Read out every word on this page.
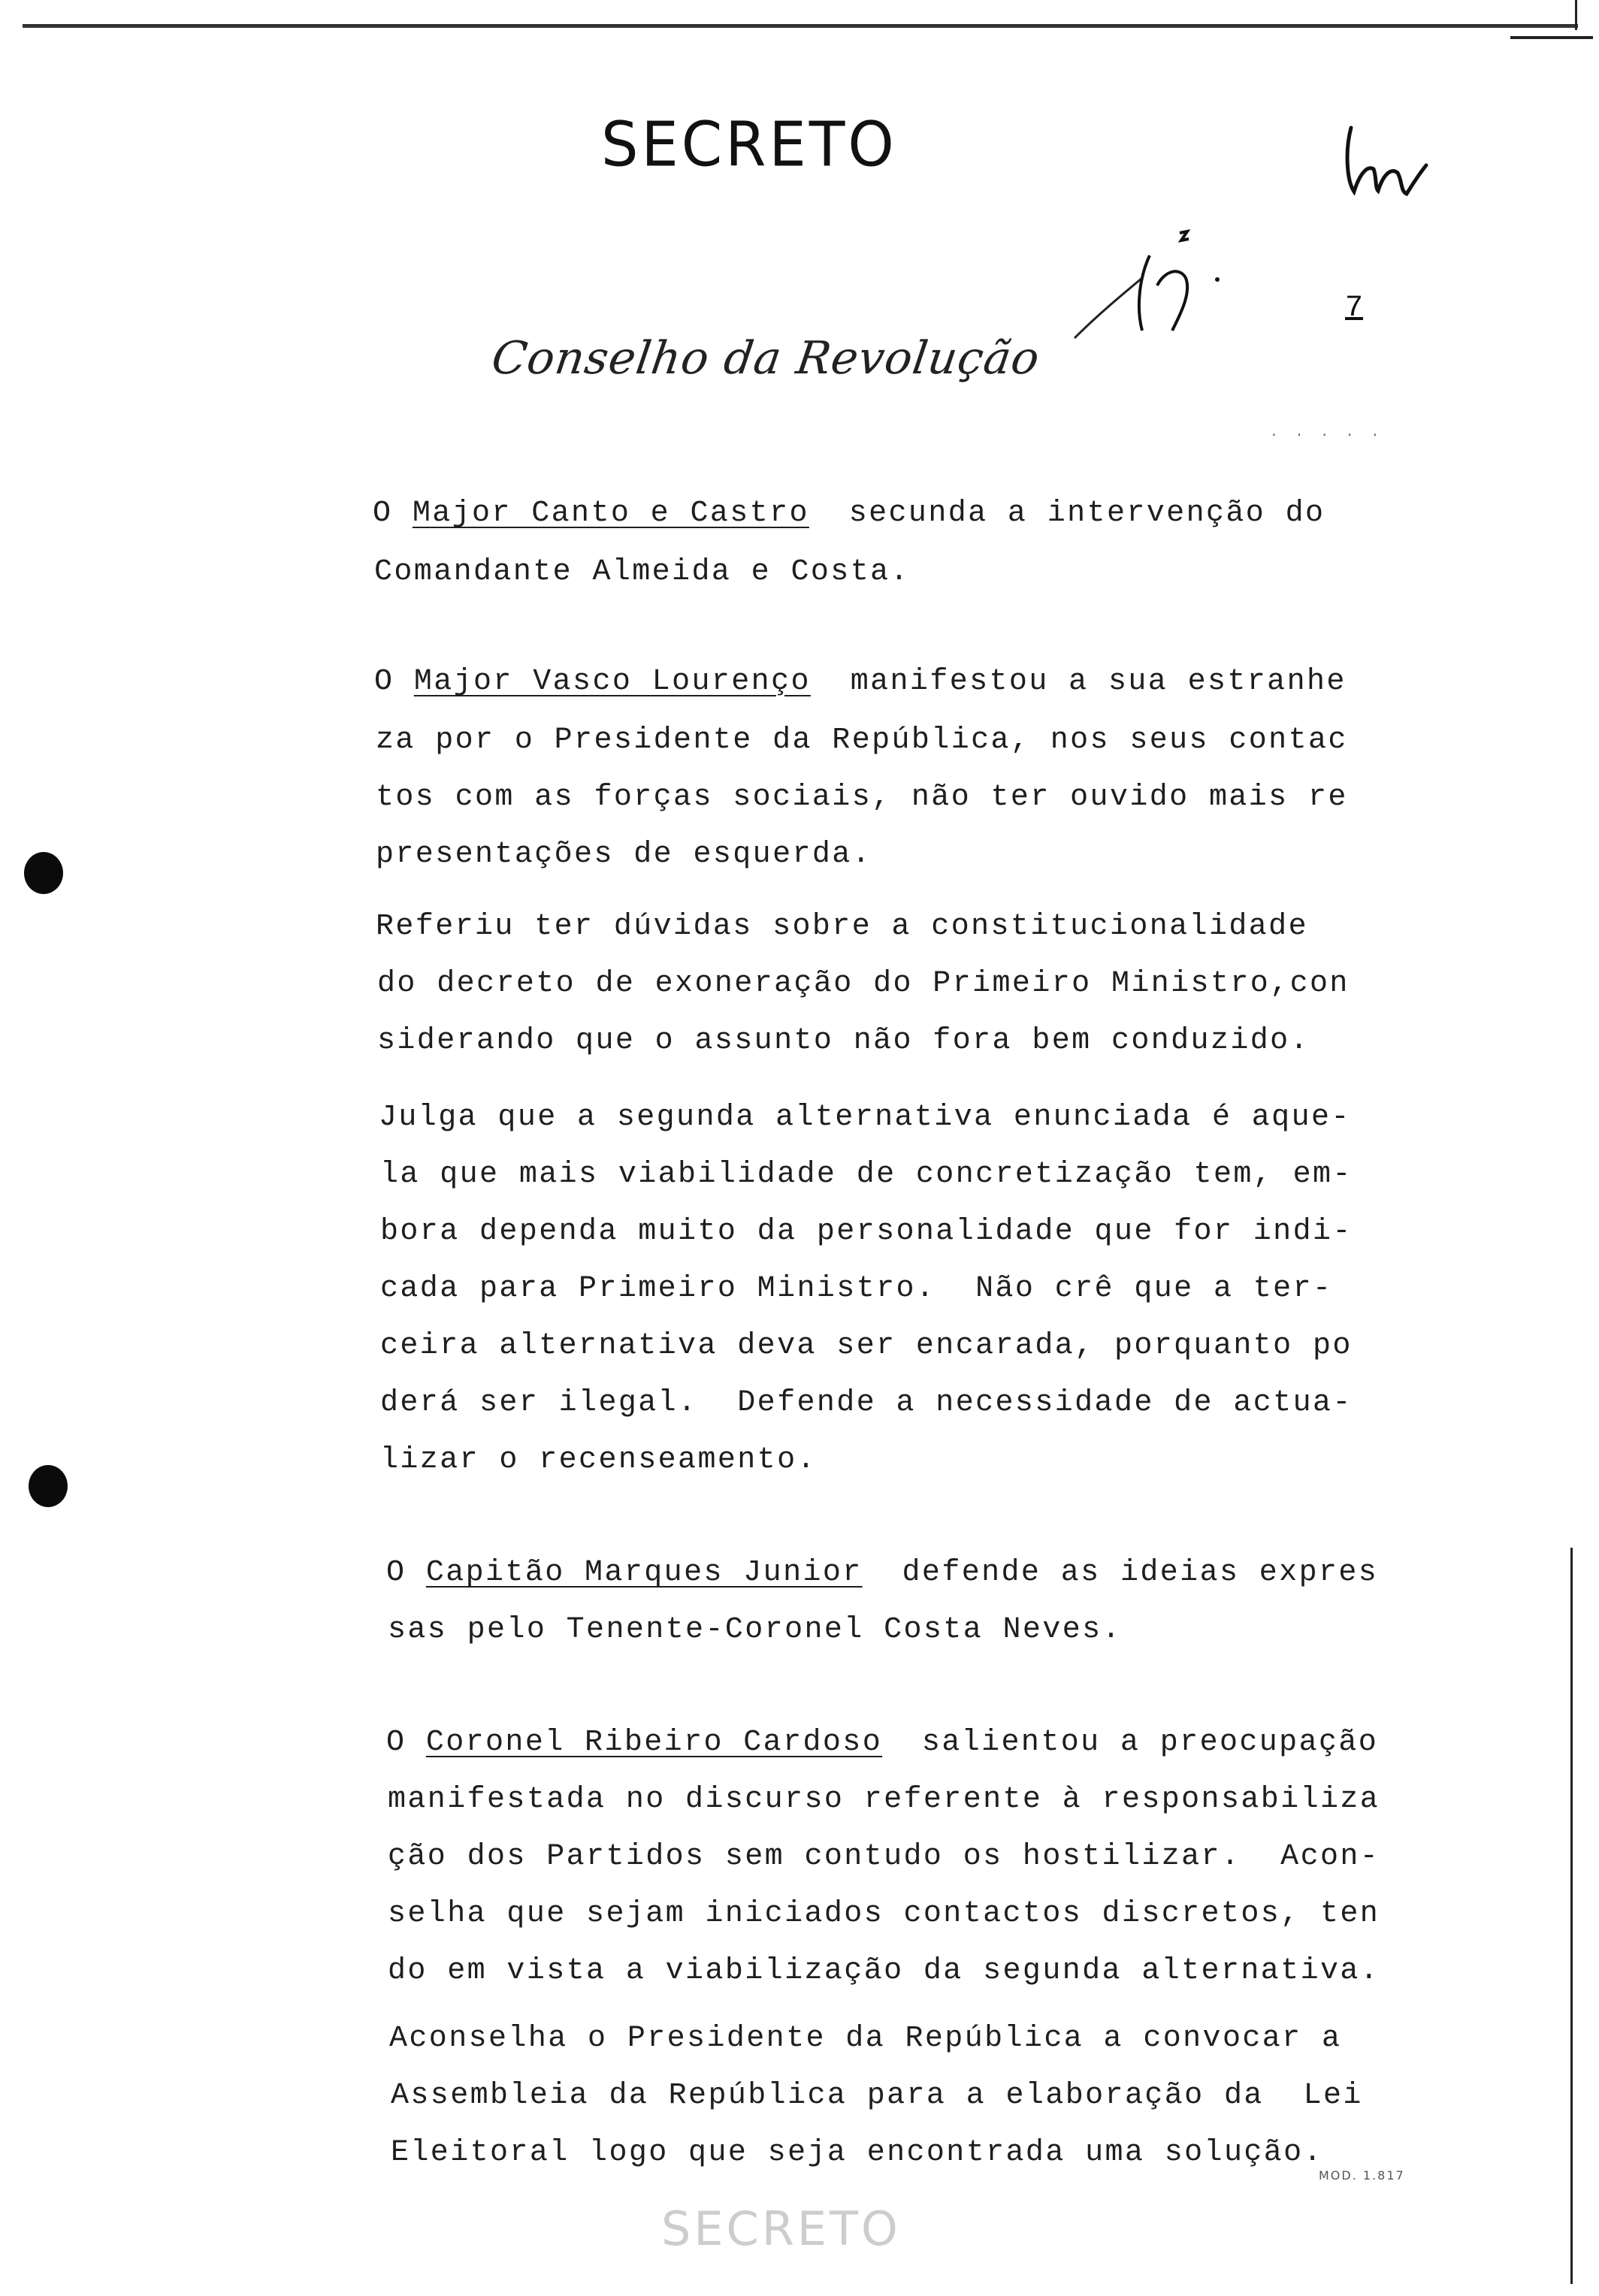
SECRETO
7
. . . . .
Conselho da Revolução
O Major Canto e Castro  secunda a intervenção do
Comandante Almeida e Costa.
O Major Vasco Lourenço  manifestou a sua estranhe
za por o Presidente da República, nos seus contac
tos com as forças sociais, não ter ouvido mais re
presentações de esquerda.
Referiu ter dúvidas sobre a constitucionalidade
do decreto de exoneração do Primeiro Ministro,con
siderando que o assunto não fora bem conduzido.
Julga que a segunda alternativa enunciada é aque-
la que mais viabilidade de concretização tem, em-
bora dependa muito da personalidade que for indi-
cada para Primeiro Ministro.  Não crê que a ter-
ceira alternativa deva ser encarada, porquanto po
derá ser ilegal.  Defende a necessidade de actua-
lizar o recenseamento.
O Capitão Marques Junior  defende as ideias expres
sas pelo Tenente-Coronel Costa Neves.
O Coronel Ribeiro Cardoso  salientou a preocupação
manifestada no discurso referente à responsabiliza
ção dos Partidos sem contudo os hostilizar.  Acon-
selha que sejam iniciados contactos discretos, ten
do em vista a viabilização da segunda alternativa.
Aconselha o Presidente da República a convocar a
Assembleia da República para a elaboração da  Lei
Eleitoral logo que seja encontrada uma solução.
MOD. 1.817
SECRETO
